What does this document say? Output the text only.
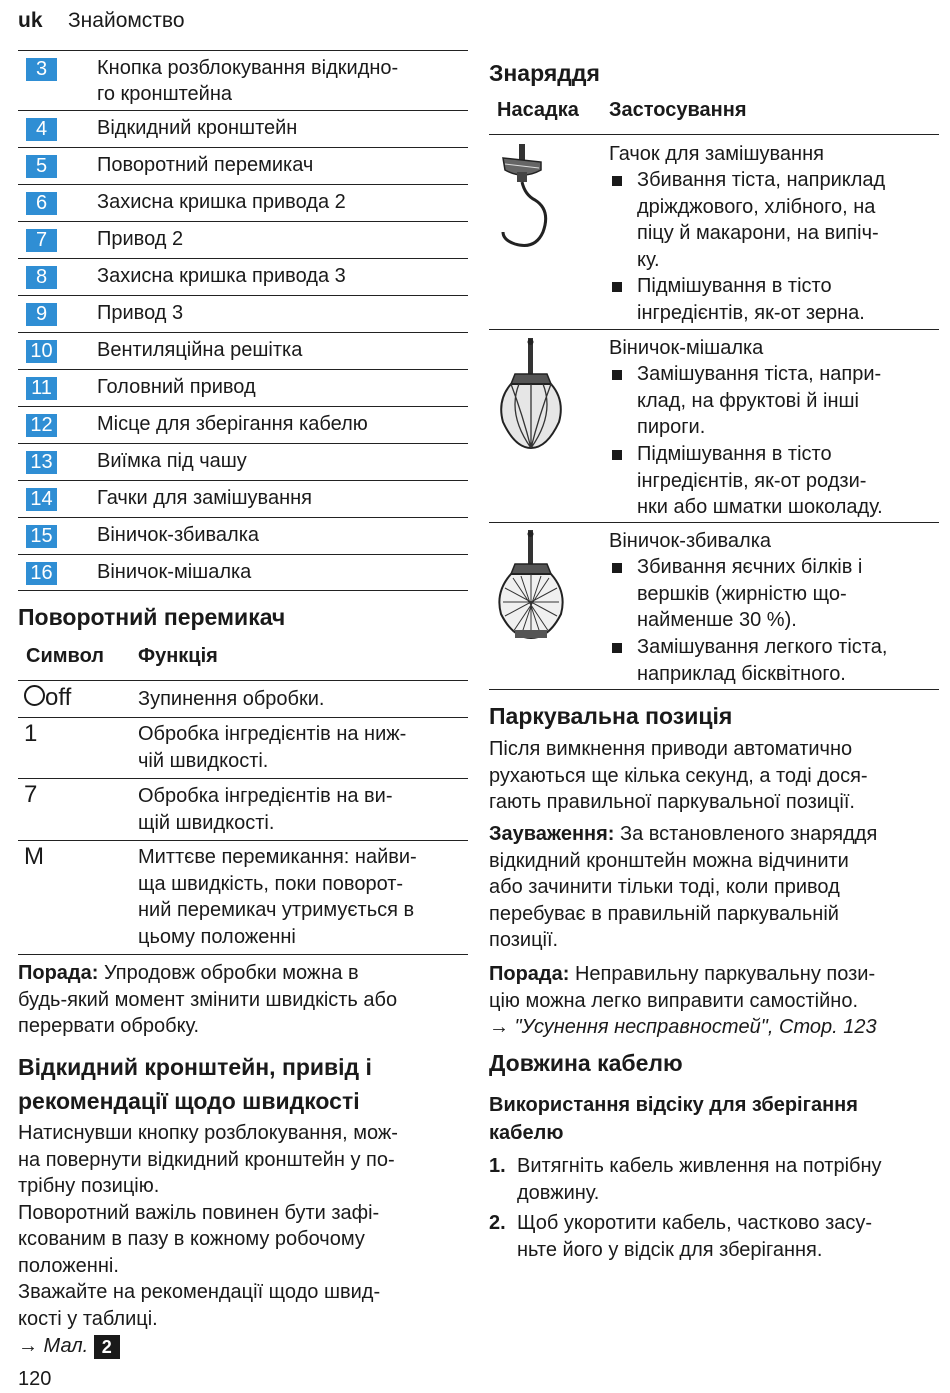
uk Знайомство
3	Кнопка розблокування відкидно-
го кронштейна
4	Відкидний кронштейн
5	Поворотний перемикач
6	Захисна кришка привода 2
7	Привод 2
8	Захисна кришка привода 3
9	Привод 3
10 Вентиляційна решітка
11 Головний привод
12 Місце для зберігання кабелю
13 Виїмка під чашу
14 Гачки для замішування
15 Віничок-збивалка
16 Віничок-мішалка
Поворотний перемикач
Символ Функція
off	Зупинення обробки.
1	Обробка інгредієнтів на ниж-
чій швидкості.
7	Обробка інгредієнтів на ви-
щій швидкості.
M	Миттєве перемикання: найви-
ща швидкість, поки поворот-
ний перемикач утримується в
цьому положенні
Порада: Упродовж обробки можна в
будь-який момент змінити швидкість або
перервати обробку.
Відкидний кронштейн, привід і
рекомендації щодо швидкості
Натиснувши кнопку розблокування, мож-
на повернути відкидний кронштейн у по-
трібну позицію.
Поворотний важіль повинен бути зафі-
ксованим в пазу в кожному робочому
положенні.
Зважайте на рекомендації щодо швид-
кості у таблиці.
→ Мал. 2
120
Знаряддя
Насадка Застосування
Гачок для замішування
Збивання тіста, наприклад
дріжджового, хлібного, на
піцу й макарони, на випіч-
ку.
Підмішування в тісто
інгредієнтів, як-от зерна.
Віничок-мішалка
Замішування тіста, напри-
клад, на фруктові й інші
пироги.
Підмішування в тісто
інгредієнтів, як-от родзи-
нки або шматки шоколаду.
Віничок-збивалка
Збивання яєчних білків і
вершків (жирністю що-
найменше 30 %).
Замішування легкого тіста,
наприклад бісквітного.
Паркувальна позиція
Після вимкнення приводи автоматично
рухаються ще кілька секунд, а тоді дося-
гають правильної паркувальної позиції.
Зауваження: За встановленого знаряддя
відкидний кронштейн можна відчинити
або зачинити тільки тоді, коли привод
перебуває в правильній паркувальній
позиції.
Порада: Неправильну паркувальну пози-
цію можна легко виправити самостійно.
→ "Усунення несправностей", Стор. 123
Довжина кабелю
Використання відсіку для зберігання
кабелю
1. Витягніть кабель живлення на потрібну
довжину.
2. Щоб укоротити кабель, частково засу-
ньте його у відсік для зберігання.
